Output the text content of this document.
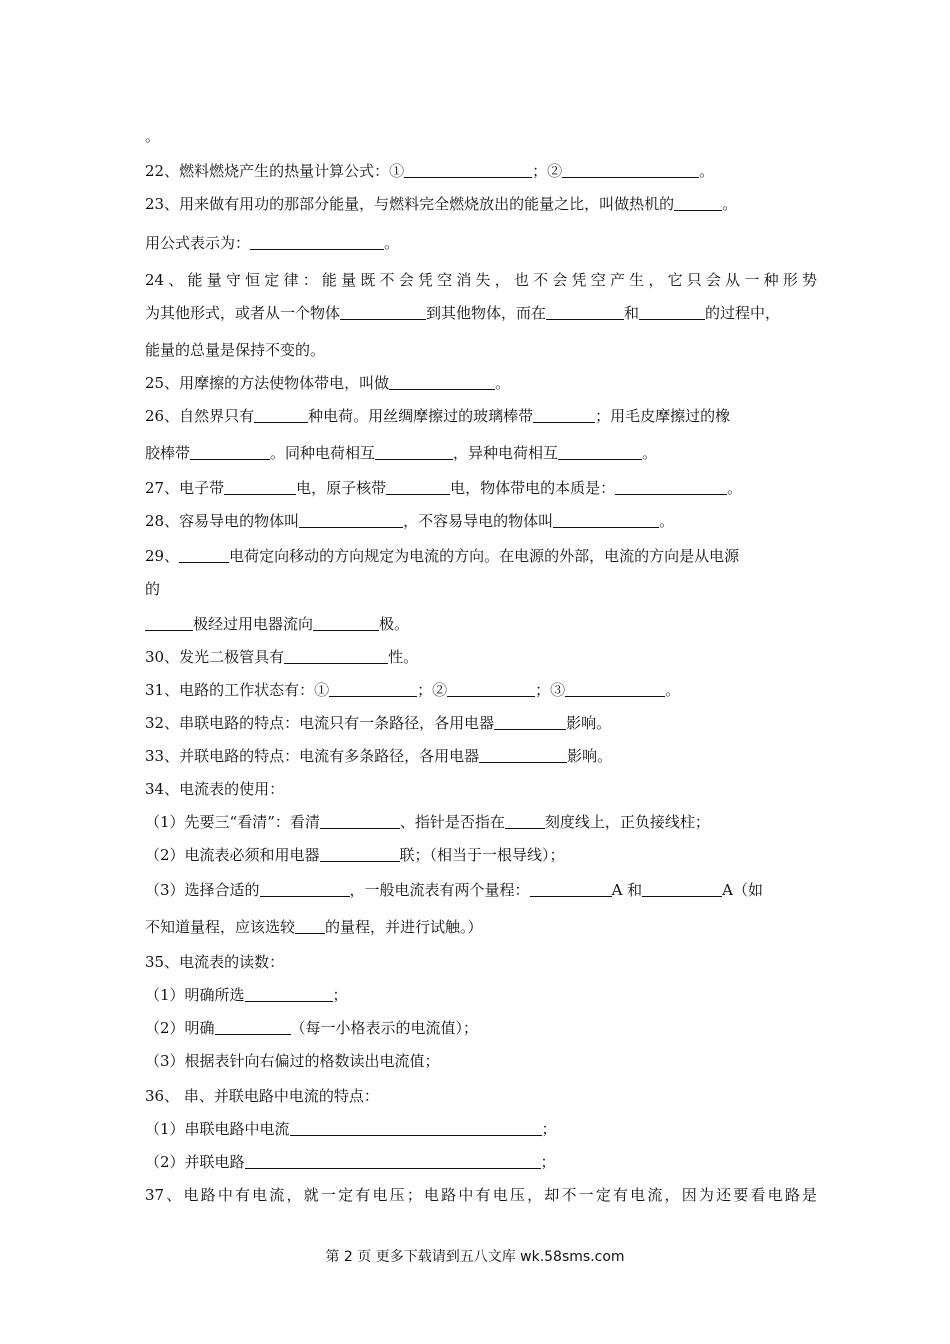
。
22、燃料燃烧产生的热量计算公式：①	；②	。
23、用来做有用功的那部分能量，与燃料完全燃烧放出的能量之比，叫做热机的	。
用公式表示为：	。
24、能量守恒定律：能量既不会凭空消失，也不会凭空产生，它只会从一种形势
为其他形式，或者从一个物体	到其他物体，而在	和	的过程中，
能量的总量是保持不变的。
25、用摩擦的方法使物体带电，叫做	。
26、自然界只有	种电荷。用丝绸摩擦过的玻璃棒带	；用毛皮摩擦过的橡
胶棒带	。同种电荷相互	，异种电荷相互	。
27、电子带	电，原子核带	电，物体带电的本质是：	。
28、容易导电的物体叫	，不容易导电的物体叫	。
29、	电荷定向移动的方向规定为电流的方向。在电源的外部，电流的方向是从电源
的
极经过用电器流向	极。
30、发光二极管具有	性。
31、电路的工作状态有：①	；②	；③	。
32、串联电路的特点：电流只有一条路径，各用电器	影响。
33、并联电路的特点：电流有多条路径，各用电器	影响。
34、电流表的使用：
（1）先要三“看清”：看清	、指针是否指在	刻度线上，正负接线柱；
（2）电流表必须和用电器	联；（相当于一根导线）；
（3）选择合适的	，一般电流表有两个量程：	A 和	A（如
不知道量程，应该选较 的量程，并进行试触。）
35、电流表的读数：
（1）明确所选	；
（2）明确	（每一小格表示的电流值）；
（3）根据表针向右偏过的格数读出电流值；
36、 串、并联电路中电流的特点：
（1）串联电路中电流	；
（2）并联电路	；
37、电路中有电流，就一定有电压；电路中有电压，却不一定有电流，因为还要看电路是
第 2 页 更多下载请到五八文库 wk.58sms.com
